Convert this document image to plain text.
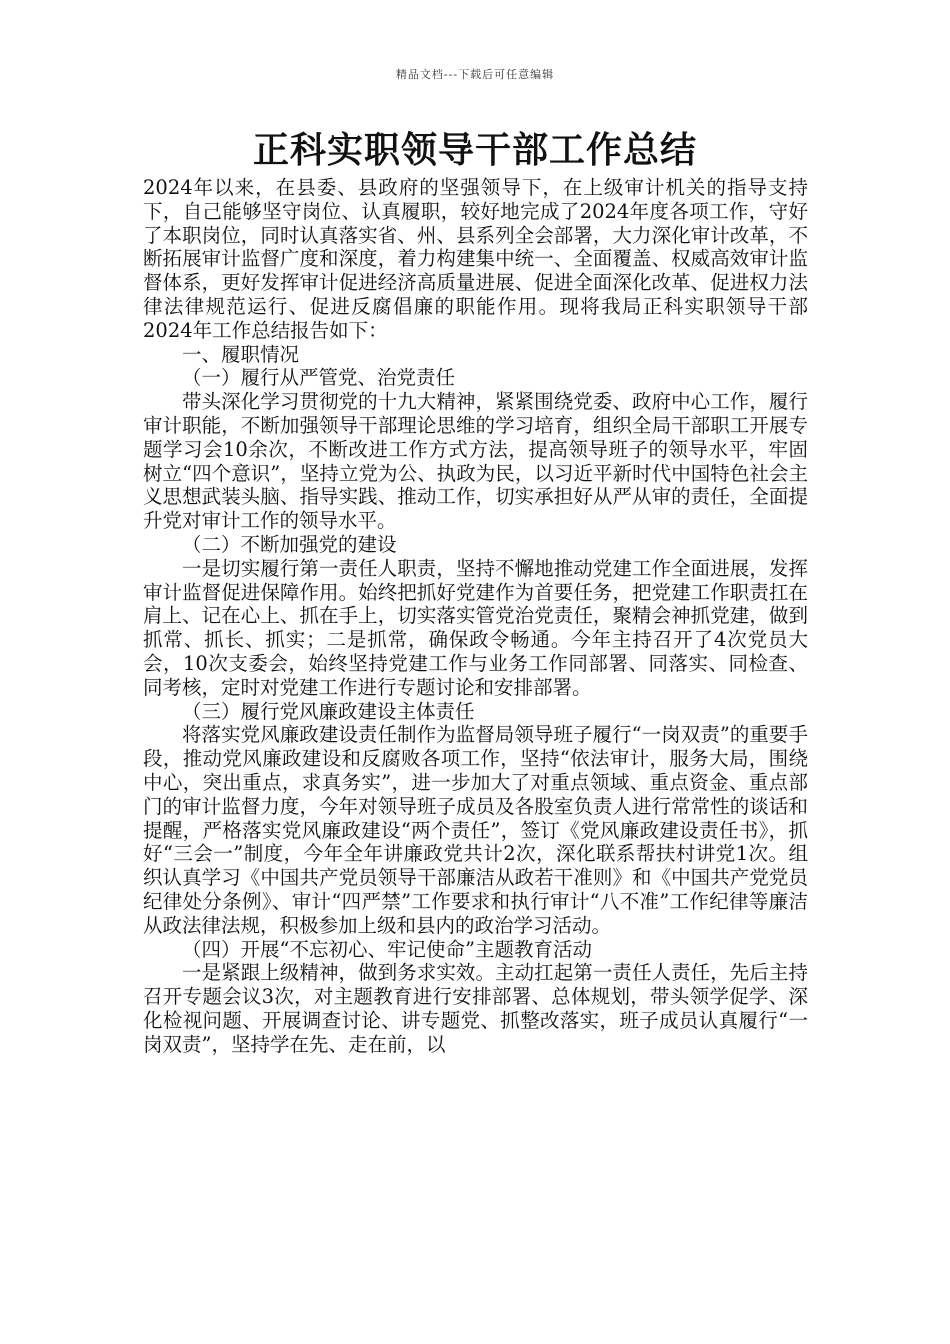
精品文档---下载后可任意编辑
正科实职领导干部工作总结

2024年以来，在县委、县政府的坚强领导下，在上级审计机关的指导支持下，自己能够坚守岗位、认真履职，较好地完成了2024年度各项工作，守好了本职岗位，同时认真落实省、州、县系列全会部署，大力深化审计改革，不断拓展审计监督广度和深度，着力构建集中统一、全面覆盖、权威高效审计监督体系，更好发挥审计促进经济高质量进展、促进全面深化改革、促进权力法律法律规范运行、促进反腐倡廉的职能作用。现将我局正科实职领导干部2024年工作总结报告如下：

一、履职情况

（一）履行从严管党、治党责任

带头深化学习贯彻党的十九大精神，紧紧围绕党委、政府中心工作，履行审计职能，不断加强领导干部理论思维的学习培育，组织全局干部职工开展专题学习会10余次，不断改进工作方式方法，提高领导班子的领导水平，牢固树立“四个意识”，坚持立党为公、执政为民，以习近平新时代中国特色社会主义思想武装头脑、指导实践、推动工作，切实承担好从严从审的责任，全面提升党对审计工作的领导水平。

（二）不断加强党的建设

一是切实履行第一责任人职责，坚持不懈地推动党建工作全面进展，发挥审计监督促进保障作用。始终把抓好党建作为首要任务，把党建工作职责扛在肩上、记在心上、抓在手上，切实落实管党治党责任，聚精会神抓党建，做到抓常、抓长、抓实；二是抓常，确保政令畅通。今年主持召开了4次党员大会，10次支委会，始终坚持党建工作与业务工作同部署、同落实、同检查、同考核，定时对党建工作进行专题讨论和安排部署。

（三）履行党风廉政建设主体责任

将落实党风廉政建设责任制作为监督局领导班子履行“一岗双责”的重要手段，推动党风廉政建设和反腐败各项工作，坚持“依法审计，服务大局，围绕中心，突出重点，求真务实”，进一步加大了对重点领域、重点资金、重点部门的审计监督力度，今年对领导班子成员及各股室负责人进行常常性的谈话和提醒，严格落实党风廉政建设“两个责任”，签订《党风廉政建设责任书》，抓好“三会一”制度，今年全年讲廉政党共计2次，深化联系帮扶村讲党1次。组织认真学习《中国共产党员领导干部廉洁从政若干准则》和《中国共产党党员纪律处分条例》、审计“四严禁”工作要求和执行审计“八不准”工作纪律等廉洁从政法律法规，积极参加上级和县内的政治学习活动。

（四）开展“不忘初心、牢记使命”主题教育活动

一是紧跟上级精神，做到务求实效。主动扛起第一责任人责任，先后主持召开专题会议3次，对主题教育进行安排部署、总体规划，带头领学促学、深化检视问题、开展调查讨论、讲专题党、抓整改落实，班子成员认真履行“一岗双责”，坚持学在先、走在前，以
